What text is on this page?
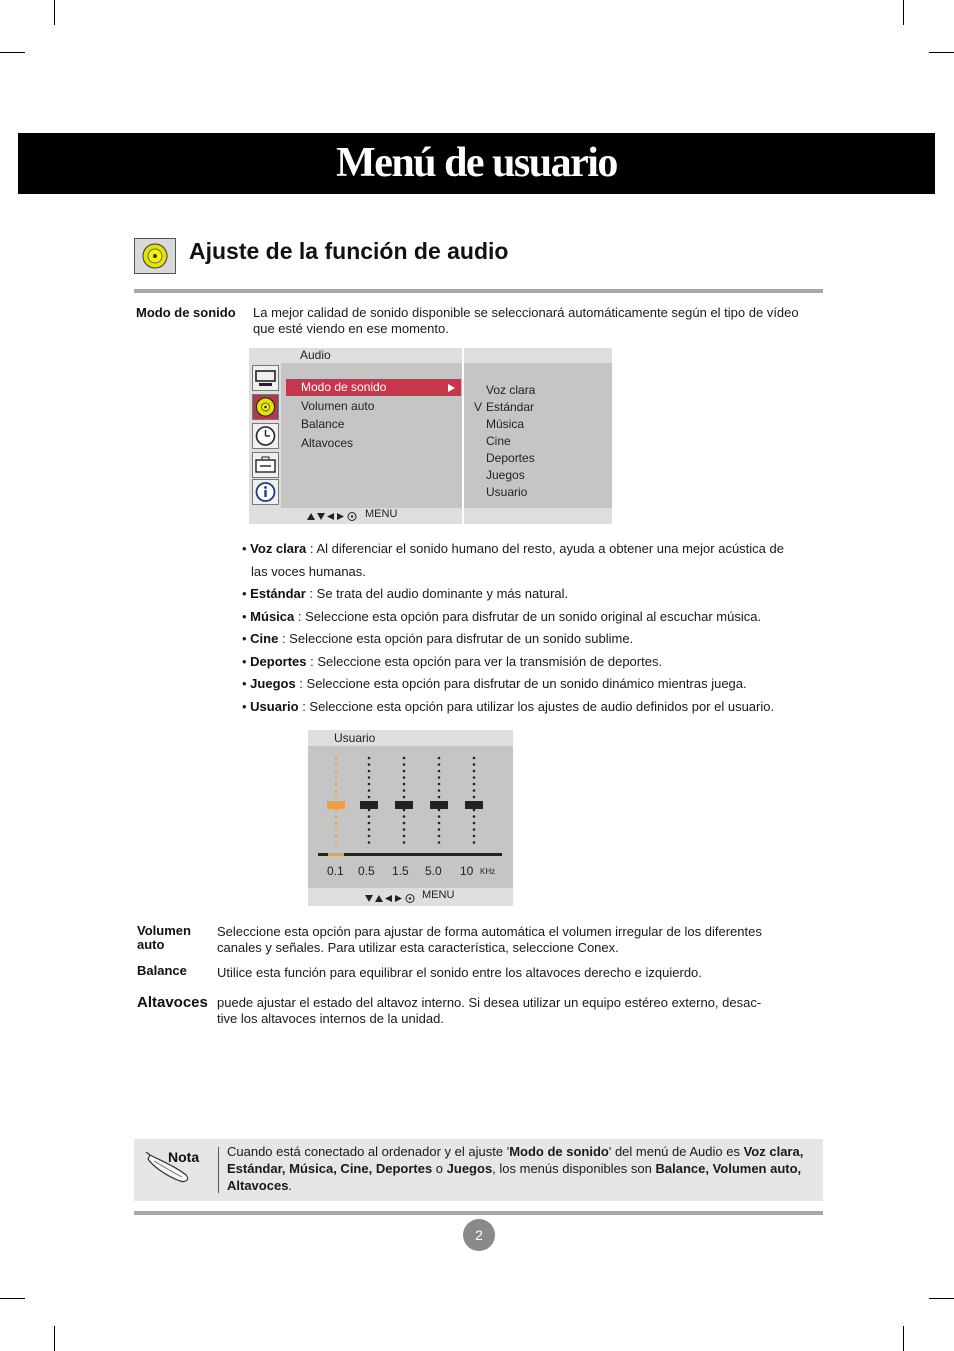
Menú de usuario
Ajuste de la función de audio
Modo de sonido La mejor calidad de sonido disponible se seleccionará automáticamente según el tipo de vídeo que esté viendo en ese momento.
Audio
Modo de sonido
Volumen auto
Balance
Altavoces
V
Voz clara
Estándar
Música
Cine
Deportes
Juegos
Usuario
MENU
• Voz clara : Al diferenciar el sonido humano del resto, ayuda a obtener una mejor acústica de
las voces humanas.
• Estándar : Se trata del audio dominante y más natural.
• Música : Seleccione esta opción para disfrutar de un sonido original al escuchar música.
• Cine : Seleccione esta opción para disfrutar de un sonido sublime.
• Deportes : Seleccione esta opción para ver la transmisión de deportes.
• Juegos : Seleccione esta opción para disfrutar de un sonido dinámico mientras juega.
• Usuario : Seleccione esta opción para utilizar los ajustes de audio definidos por el usuario.
Usuario
0.1 0.5 1.5 5.0 10 KHz
MENU
Volumen
auto
Seleccione esta opción para ajustar de forma automática el volumen irregular de los diferentes
canales y señales. Para utilizar esta característica, seleccione Conex.
Balance Utilice esta función para equilibrar el sonido entre los altavoces derecho e izquierdo.
Altavoces puede ajustar el estado del altavoz interno. Si desea utilizar un equipo estéreo externo, desac-
tive los altavoces internos de la unidad.
Nota Cuando está conectado al ordenador y el ajuste 'Modo de sonido' del menú de Audio es Voz clara, Estándar, Música, Cine, Deportes o Juegos, los menús disponibles son Balance, Volumen auto, Altavoces.
2
